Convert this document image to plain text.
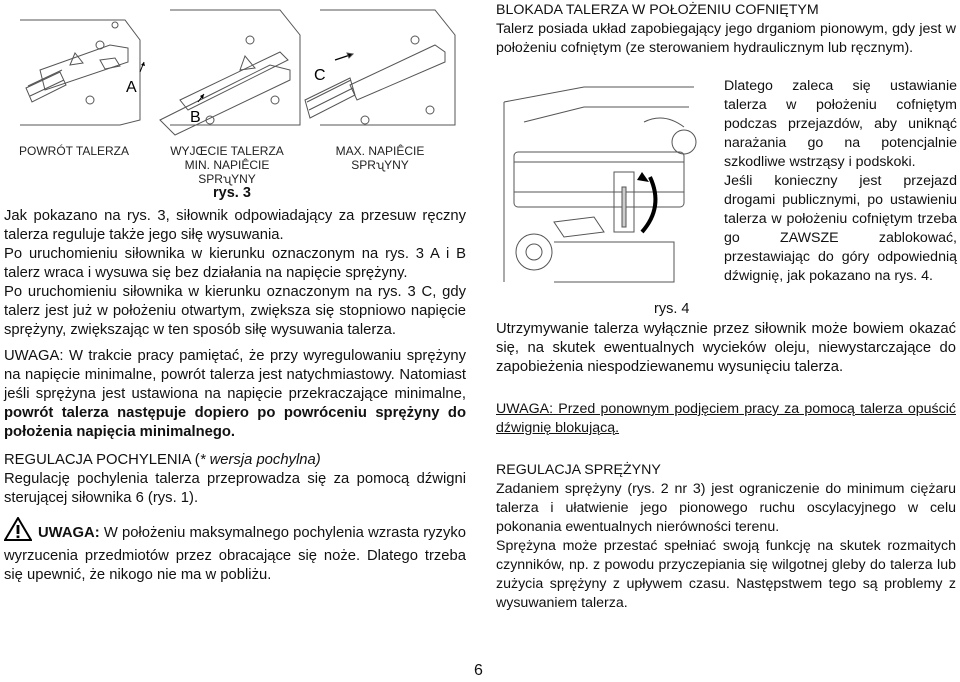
A
B
C
POWRÓT TALERZA	WYJŒCIE TALERZA
MIN. NAPIÊCIE SPRʯYNY
MAX. NAPIÊCIE
SPRʯYNY
rys. 3
Jak pokazano na rys. 3, siłownik odpowiadający za przesuw ręczny talerza reguluje także jego siłę wysuwania.
Po uruchomieniu siłownika w kierunku oznaczonym na rys. 3 A i B talerz wraca i wysuwa się bez działania na napięcie sprężyny.
Po uruchomieniu siłownika w kierunku oznaczonym na rys. 3 C, gdy talerz jest już w położeniu otwartym, zwiększa się stopniowo napięcie sprężyny, zwiększając w ten sposób siłę wysuwania talerza.
UWAGA: W trakcie pracy pamiętać, że przy wyregulowaniu sprężyny na napięcie minimalne, powrót talerza jest natychmiastowy. Natomiast jeśli sprężyna jest ustawiona na napięcie przekraczające minimalne, powrót talerza następuje dopiero po powróceniu sprężyny do położenia napięcia minimalnego.
REGULACJA POCHYLENIA (* wersja pochylna)
Regulację pochylenia talerza przeprowadza się za pomocą dźwigni sterującej siłownika 6 (rys. 1).
UWAGA: W położeniu maksymalnego pochylenia wzrasta ryzyko wyrzucenia przedmiotów przez obracające się noże. Dlatego trzeba się upewnić, że nikogo nie ma w pobliżu.
BLOKADA TALERZA W POŁOŻENIU COFNIĘTYM
Talerz posiada układ zapobiegający jego drganiom pionowym, gdy jest w położeniu cofniętym (ze sterowaniem hydraulicznym lub ręcznym).
rys. 4
Dlatego zaleca się ustawianie talerza w położeniu cofniętym podczas przejazdów, aby uniknąć narażania go na potencjalnie szkodliwe wstrząsy i podskoki.
Jeśli konieczny jest przejazd drogami publicznymi, po ustawieniu talerza w położeniu cofniętym trzeba go ZAWSZE zablokować, przestawiając do góry odpowiednią dźwignię, jak pokazano na rys. 4.
Utrzymywanie talerza wyłącznie przez siłownik może bowiem okazać się, na skutek ewentualnych wycieków oleju, niewystarczające do zapobieżenia niespodziewanemu wysunięciu talerza.
UWAGA: Przed ponownym podjęciem pracy za pomocą talerza opuścić dźwignię blokującą.
REGULACJA SPRĘŻYNY
Zadaniem sprężyny (rys. 2 nr 3) jest ograniczenie do minimum ciężaru talerza i ułatwienie jego pionowego ruchu oscylacyjnego w celu pokonania ewentualnych nierówności terenu.
Sprężyna może przestać spełniać swoją funkcję na skutek rozmaitych czynników, np. z powodu przyczepiania się wilgotnej gleby do talerza lub zużycia sprężyny z upływem czasu. Następstwem tego są problemy z wysuwaniem talerza.
6
